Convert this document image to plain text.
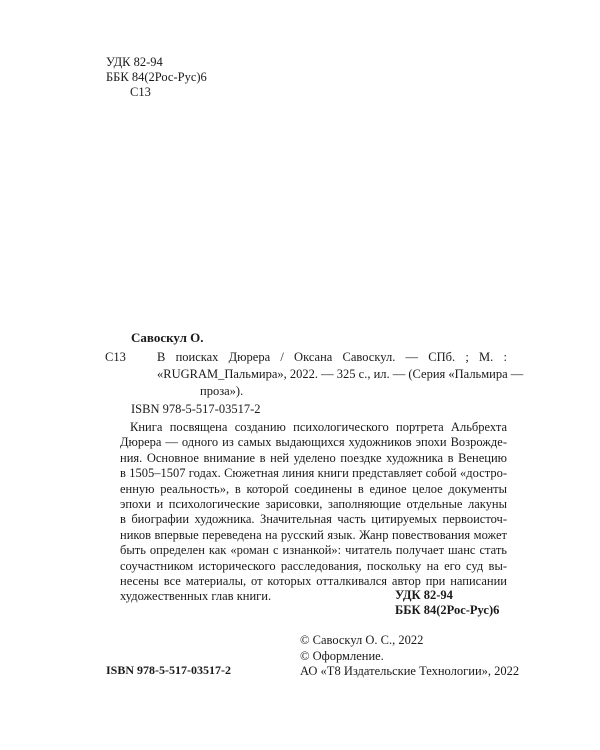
УДК 82-94
ББК 84(2Рос-Рус)6
С13
Савоскул О.
С13 В поисках Дюрера / Оксана Савоскул. — СПб. ; М. :
«RUGRAM_Пальмира», 2022. — 325 с., ил. — (Серия «Пальмира —
проза»).
ISBN 978-5-517-03517-2
Книга посвящена созданию психологического портрета Альбрехта
Дюрера — одного из самых выдающихся художников эпохи Возрожде-
ния. Основное внимание в ней уделено поездке художника в Венецию
в 1505–1507 годах. Сюжетная линия книги представляет собой «достро-
енную реальность», в которой соединены в единое целое документы
эпохи и психологические зарисовки, заполняющие отдельные лакуны
в биографии художника. Значительная часть цитируемых первоисточ-
ников впервые переведена на русский язык. Жанр повествования может
быть определен как «роман с изнанкой»: читатель получает шанс стать
соучастником исторического расследования, поскольку на его суд вы-
несены все материалы, от которых отталкивался автор при написании
художественных глав книги.	УДК 82-94
ББК 84(2Рос-Рус)6
© Савоскул О. С., 2022
© Оформление.
АО «Т8 Издательские Технологии», 2022
ISBN 978-5-517-03517-2
